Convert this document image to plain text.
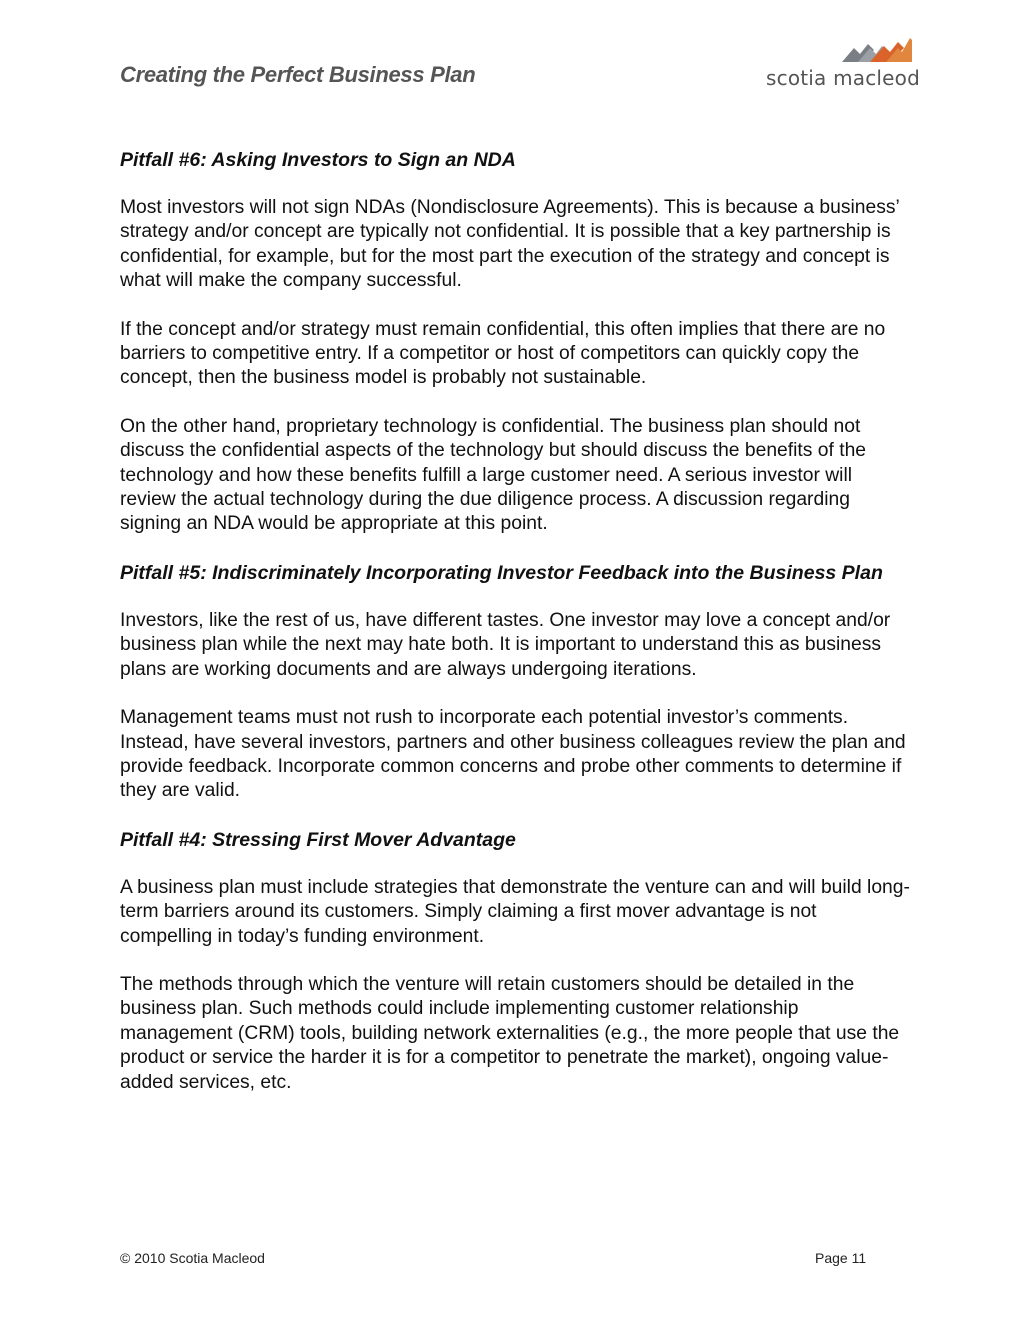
Creating the Perfect Business Plan	scotia macleod
Pitfall #6: Asking Investors to Sign an NDA

Most investors will not sign NDAs (Nondisclosure Agreements). This is because a business’ strategy and/or concept are typically not confidential. It is possible that a key partnership is confidential, for example, but for the most part the execution of the strategy and concept is what will make the company successful.

If the concept and/or strategy must remain confidential, this often implies that there are no barriers to competitive entry. If a competitor or host of competitors can quickly copy the concept, then the business model is probably not sustainable.

On the other hand, proprietary technology is confidential. The business plan should not discuss the confidential aspects of the technology but should discuss the benefits of the technology and how these benefits fulfill a large customer need. A serious investor will review the actual technology during the due diligence process. A discussion regarding signing an NDA would be appropriate at this point.

Pitfall #5: Indiscriminately Incorporating Investor Feedback into the Business Plan

Investors, like the rest of us, have different tastes. One investor may love a concept and/or business plan while the next may hate both. It is important to understand this as business plans are working documents and are always undergoing iterations.

Management teams must not rush to incorporate each potential investor’s comments. Instead, have several investors, partners and other business colleagues review the plan and provide feedback. Incorporate common concerns and probe other comments to determine if they are valid.

Pitfall #4: Stressing First Mover Advantage

A business plan must include strategies that demonstrate the venture can and will build long-term barriers around its customers. Simply claiming a first mover advantage is not compelling in today’s funding environment.

The methods through which the venture will retain customers should be detailed in the business plan. Such methods could include implementing customer relationship management (CRM) tools, building network externalities (e.g., the more people that use the product or service the harder it is for a competitor to penetrate the market), ongoing value-added services, etc.

© 2010 Scotia Macleod	Page 11
